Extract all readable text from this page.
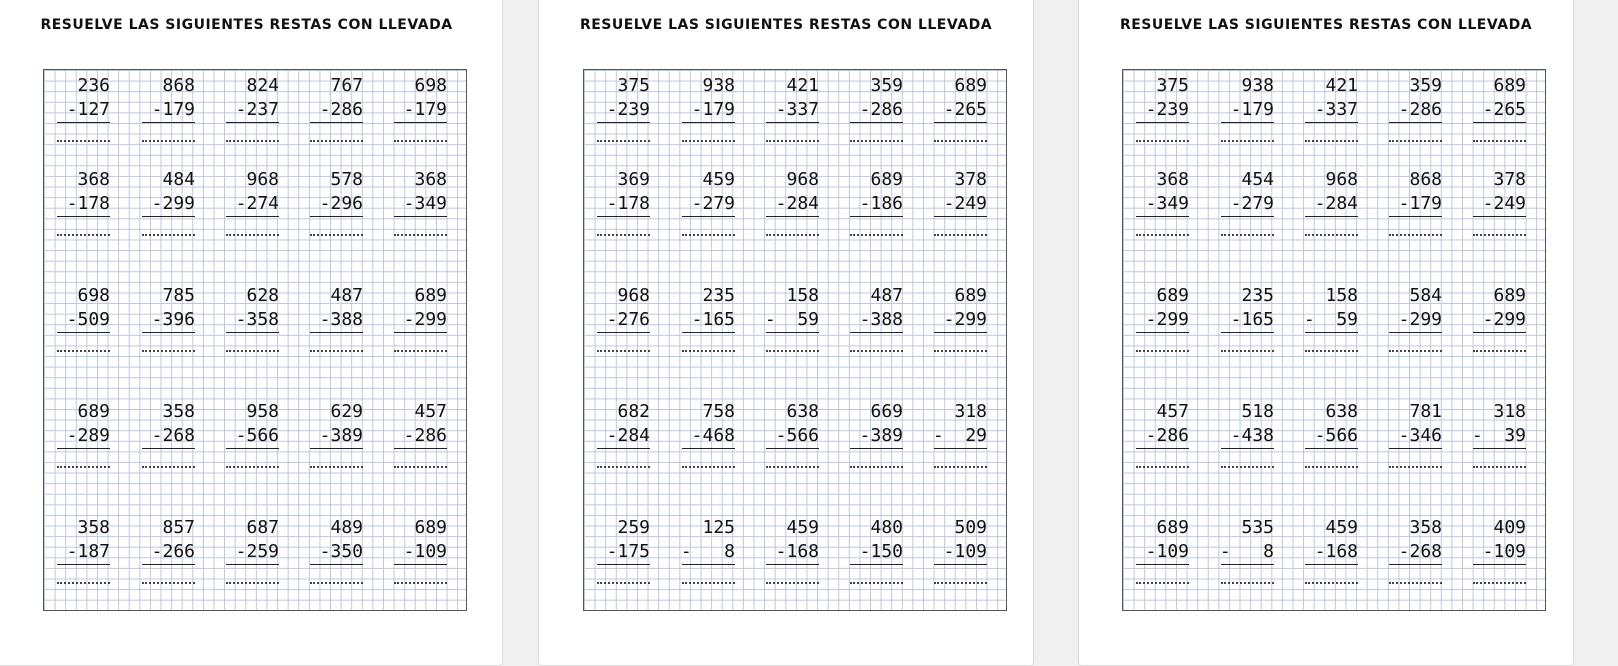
RESUELVE LAS SIGUIENTES RESTAS CON LLEVADA
236
-127
868
-179
824
-237
767
-286
698
-179
368
-178
484
-299
968
-274
578
-296
368
-349
698
-509
785
-396
628
-358
487
-388
689
-299
689
-289
358
-268
958
-566
629
-389
457
-286
358
-187
857
-266
687
-259
489
-350
689
-109
RESUELVE LAS SIGUIENTES RESTAS CON LLEVADA
375
-239
938
-179
421
-337
359
-286
689
-265
369
-178
459
-279
968
-284
689
-186
378
-249
968
-276
235
-165
158
-  59
487
-388
689
-299
682
-284
758
-468
638
-566
669
-389
318
-  29
259
-175
125
-   8
459
-168
480
-150
509
-109
RESUELVE LAS SIGUIENTES RESTAS CON LLEVADA
375
-239
938
-179
421
-337
359
-286
689
-265
368
-349
454
-279
968
-284
868
-179
378
-249
689
-299
235
-165
158
-  59
584
-299
689
-299
457
-286
518
-438
638
-566
781
-346
318
-  39
689
-109
535
-   8
459
-168
358
-268
409
-109
